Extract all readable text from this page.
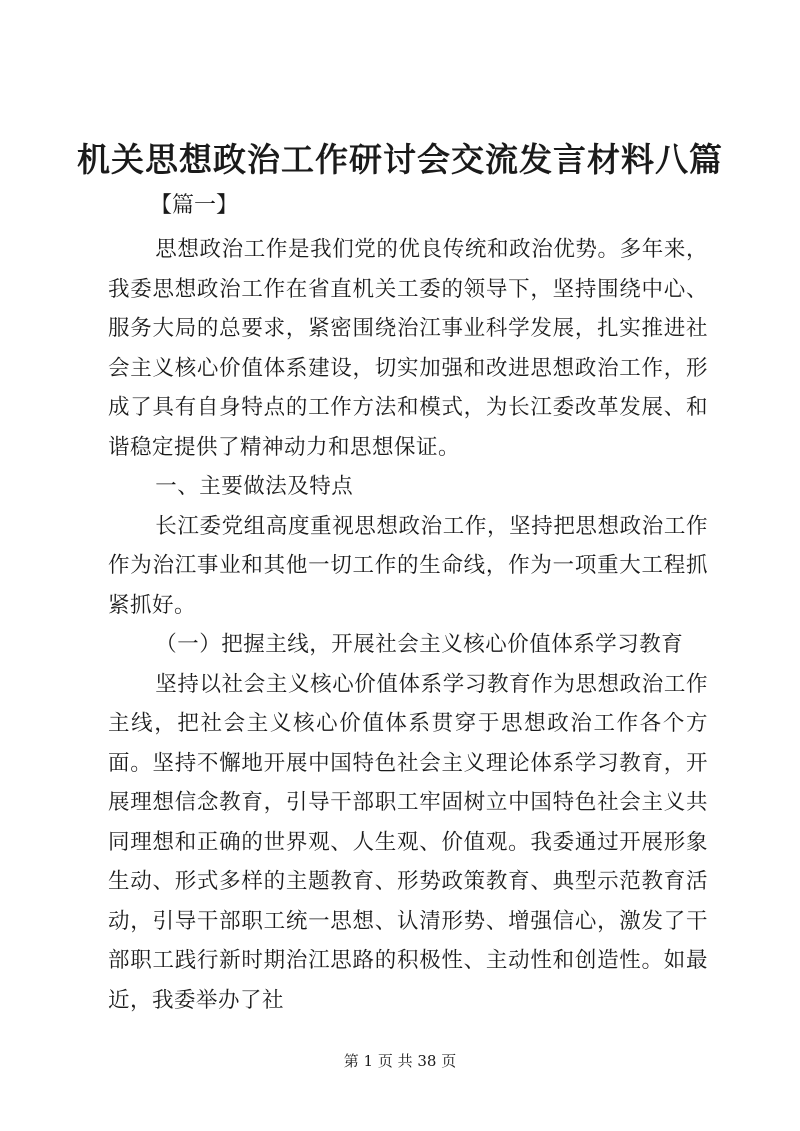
机关思想政治工作研讨会交流发言材料八篇
【篇一】

思想政治工作是我们党的优良传统和政治优势。多年来，我委思想政治工作在省直机关工委的领导下，坚持围绕中心、服务大局的总要求，紧密围绕治江事业科学发展，扎实推进社会主义核心价值体系建设，切实加强和改进思想政治工作，形成了具有自身特点的工作方法和模式，为长江委改革发展、和谐稳定提供了精神动力和思想保证。

一、主要做法及特点

长江委党组高度重视思想政治工作，坚持把思想政治工作作为治江事业和其他一切工作的生命线，作为一项重大工程抓紧抓好。

（一）把握主线，开展社会主义核心价值体系学习教育

坚持以社会主义核心价值体系学习教育作为思想政治工作主线，把社会主义核心价值体系贯穿于思想政治工作各个方面。坚持不懈地开展中国特色社会主义理论体系学习教育，开展理想信念教育，引导干部职工牢固树立中国特色社会主义共同理想和正确的世界观、人生观、价值观。我委通过开展形象生动、形式多样的主题教育、形势政策教育、典型示范教育活动，引导干部职工统一思想、认清形势、增强信心，激发了干部职工践行新时期治江思路的积极性、主动性和创造性。如最近，我委举办了社

第 1 页 共 38 页
